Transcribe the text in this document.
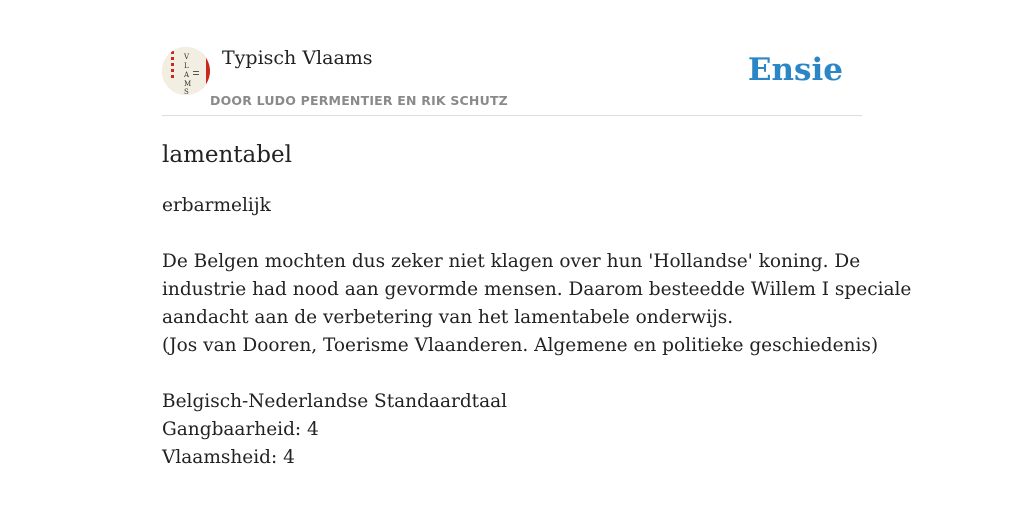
V
L
A
M
S
Typisch Vlaams
DOOR LUDO PERMENTIER EN RIK SCHUTZ
Ensie
lamentabel
erbarmelijk
De Belgen mochten dus zeker niet klagen over hun 'Hollandse' koning. De
industrie had nood aan gevormde mensen. Daarom besteedde Willem I speciale
aandacht aan de verbetering van het lamentabele onderwijs.
(Jos van Dooren, Toerisme Vlaanderen. Algemene en politieke geschiedenis)
Belgisch-Nederlandse Standaardtaal
Gangbaarheid: 4
Vlaamsheid: 4
